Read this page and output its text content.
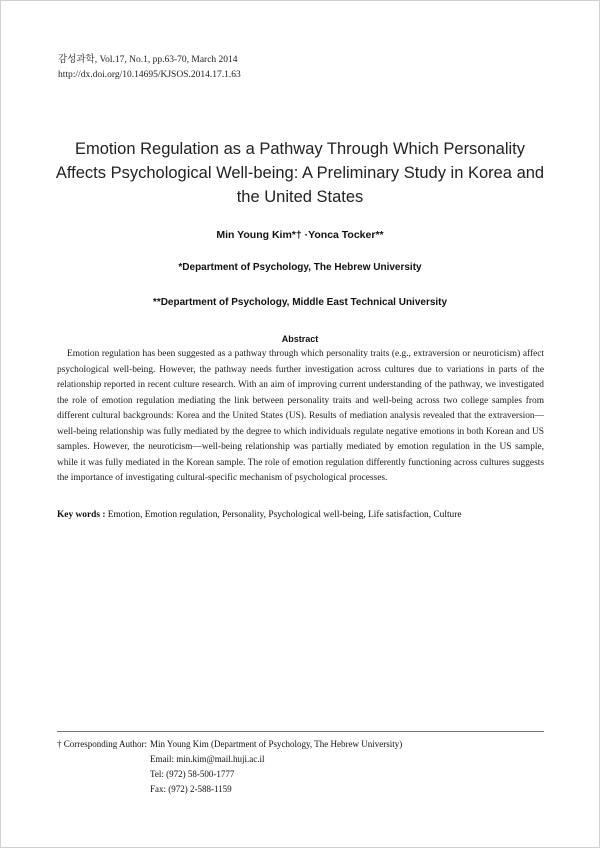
감성과학, Vol.17, No.1, pp.63-70, March 2014
http://dx.doi.org/10.14695/KJSOS.2014.17.1.63
Emotion Regulation as a Pathway Through Which Personality
Affects Psychological Well-being: A Preliminary Study in Korea and
the United States
Min Young Kim*† ·Yonca Tocker**
*Department of Psychology, The Hebrew University
**Department of Psychology, Middle East Technical University
Abstract
Emotion regulation has been suggested as a pathway through which personality traits (e.g., extraversion or neuroticism) affect psychological well-being. However, the pathway needs further investigation across cultures due to variations in parts of the relationship reported in recent culture research. With an aim of improving current understanding of the pathway, we investigated the role of emotion regulation mediating the link between personality traits and well-being across two college samples from different cultural backgrounds: Korea and the United States (US). Results of mediation analysis revealed that the extraversion—well-being relationship was fully mediated by the degree to which individuals regulate negative emotions in both Korean and US samples. However, the neuroticism—well-being relationship was partially mediated by emotion regulation in the US sample, while it was fully mediated in the Korean sample. The role of emotion regulation differently functioning across cultures suggests the importance of investigating cultural-specific mechanism of psychological processes.
Key words : Emotion, Emotion regulation, Personality, Psychological well-being, Life satisfaction, Culture
† Corresponding Author: Min Young Kim (Department of Psychology, The Hebrew University)
Email: min.kim@mail.huji.ac.il
Tel: (972) 58-500-1777
Fax: (972) 2-588-1159
